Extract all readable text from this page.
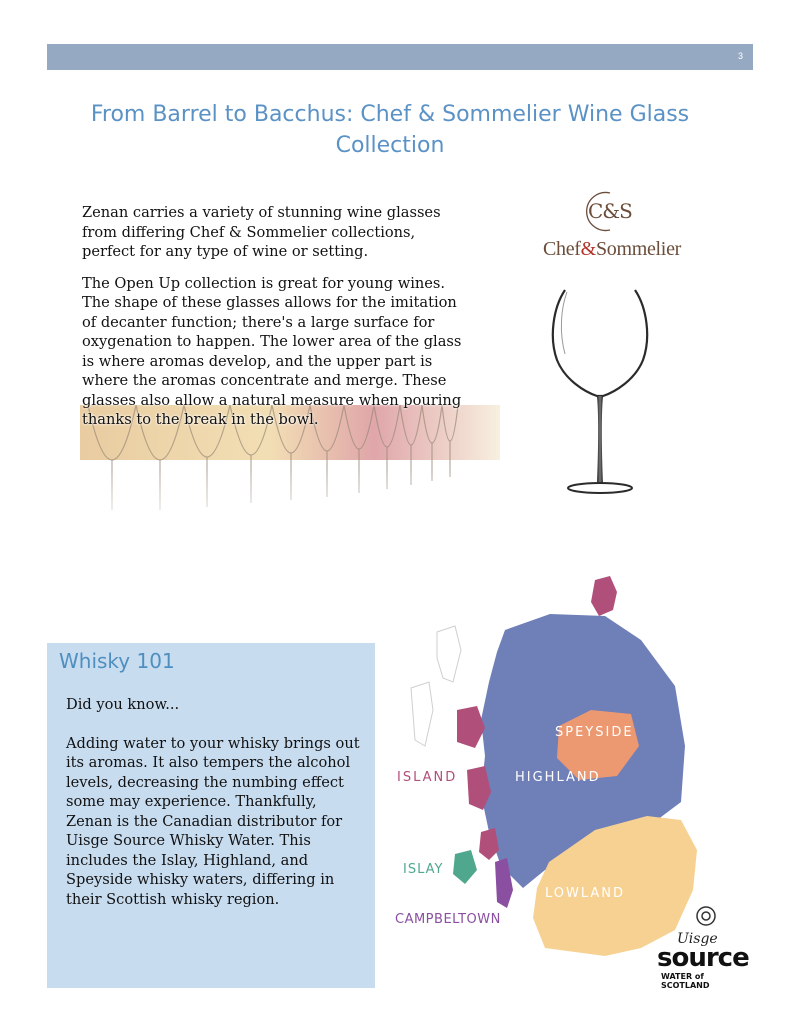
3
From Barrel to Bacchus: Chef & Sommelier Wine Glass Collection

Zenan carries a variety of stunning wine glasses from differing Chef & Sommelier collections, perfect for any type of wine or setting.

The Open Up collection is great for young wines. The shape of these glasses allows for the imitation of decanter function; there's a large surface for oxygenation to happen. The lower area of the glass is where aromas develop, and the upper part is where the aromas concentrate and merge. These glasses also allow a natural measure when pouring thanks to the break in the bowl.

C&S
Chef&Sommelier
Whisky 101

Did you know...

Adding water to your whisky brings out its aromas. It also tempers the alcohol levels, decreasing the numbing effect some may experience. Thankfully, Zenan is the Canadian distributor for Uisge Source Whisky Water. This includes the Islay, Highland, and Speyside whisky waters, differing in their Scottish whisky region.

SPEYSIDE
HIGHLAND
ISLAND
ISLAY
LOWLAND
CAMPBELTOWN
Uisge
source
WATER of SCOTLAND
